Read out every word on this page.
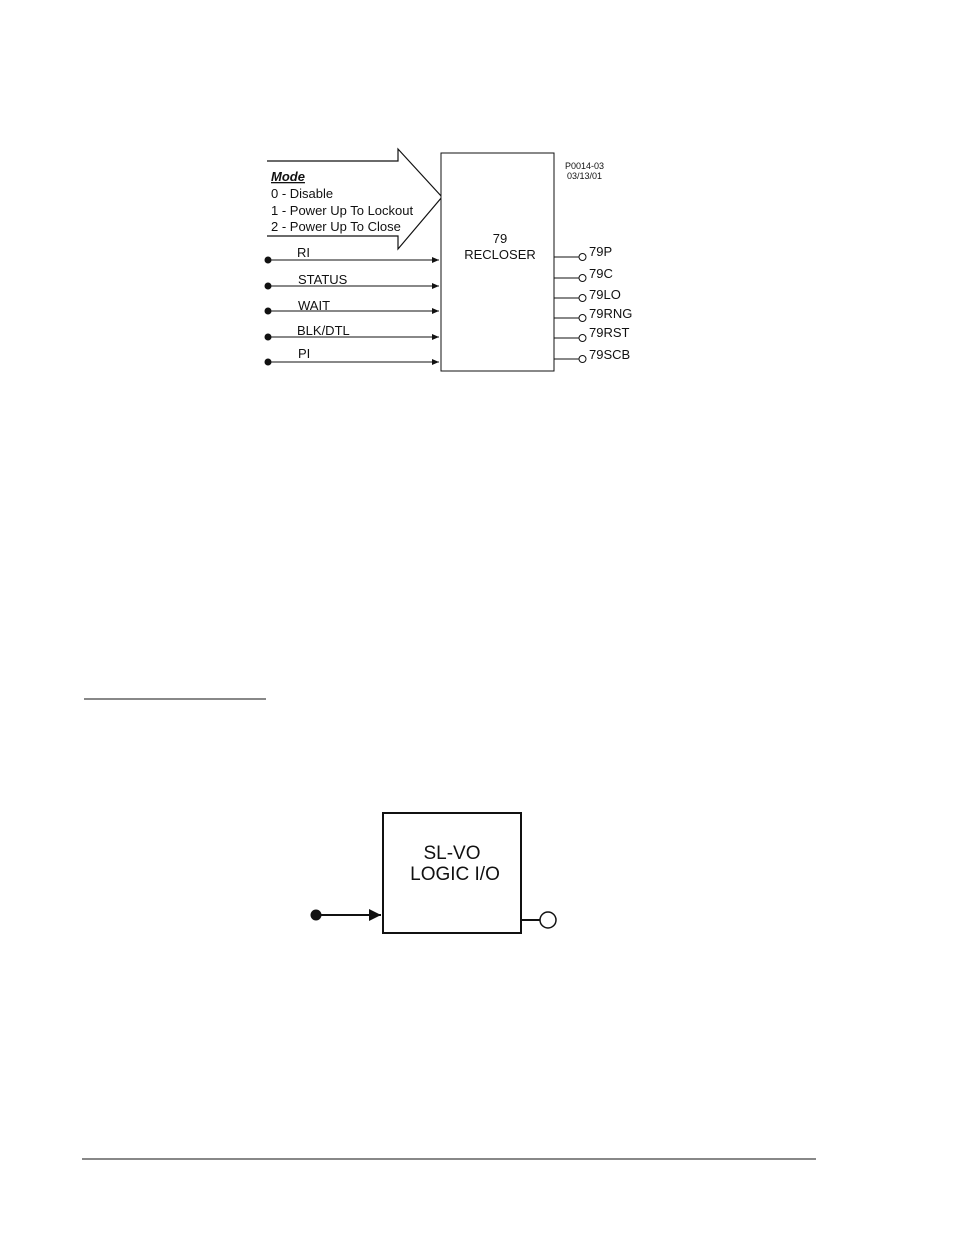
Mode
0 - Disable
1 - Power Up To Lockout
2 - Power Up To Close
79
RECLOSER
P0014-03
03/13/01
RI
STATUS
WAIT
BLK/DTL
PI
79P
79C
79LO
79RNG
79RST
79SCB
SL-VO
LOGIC I/O
